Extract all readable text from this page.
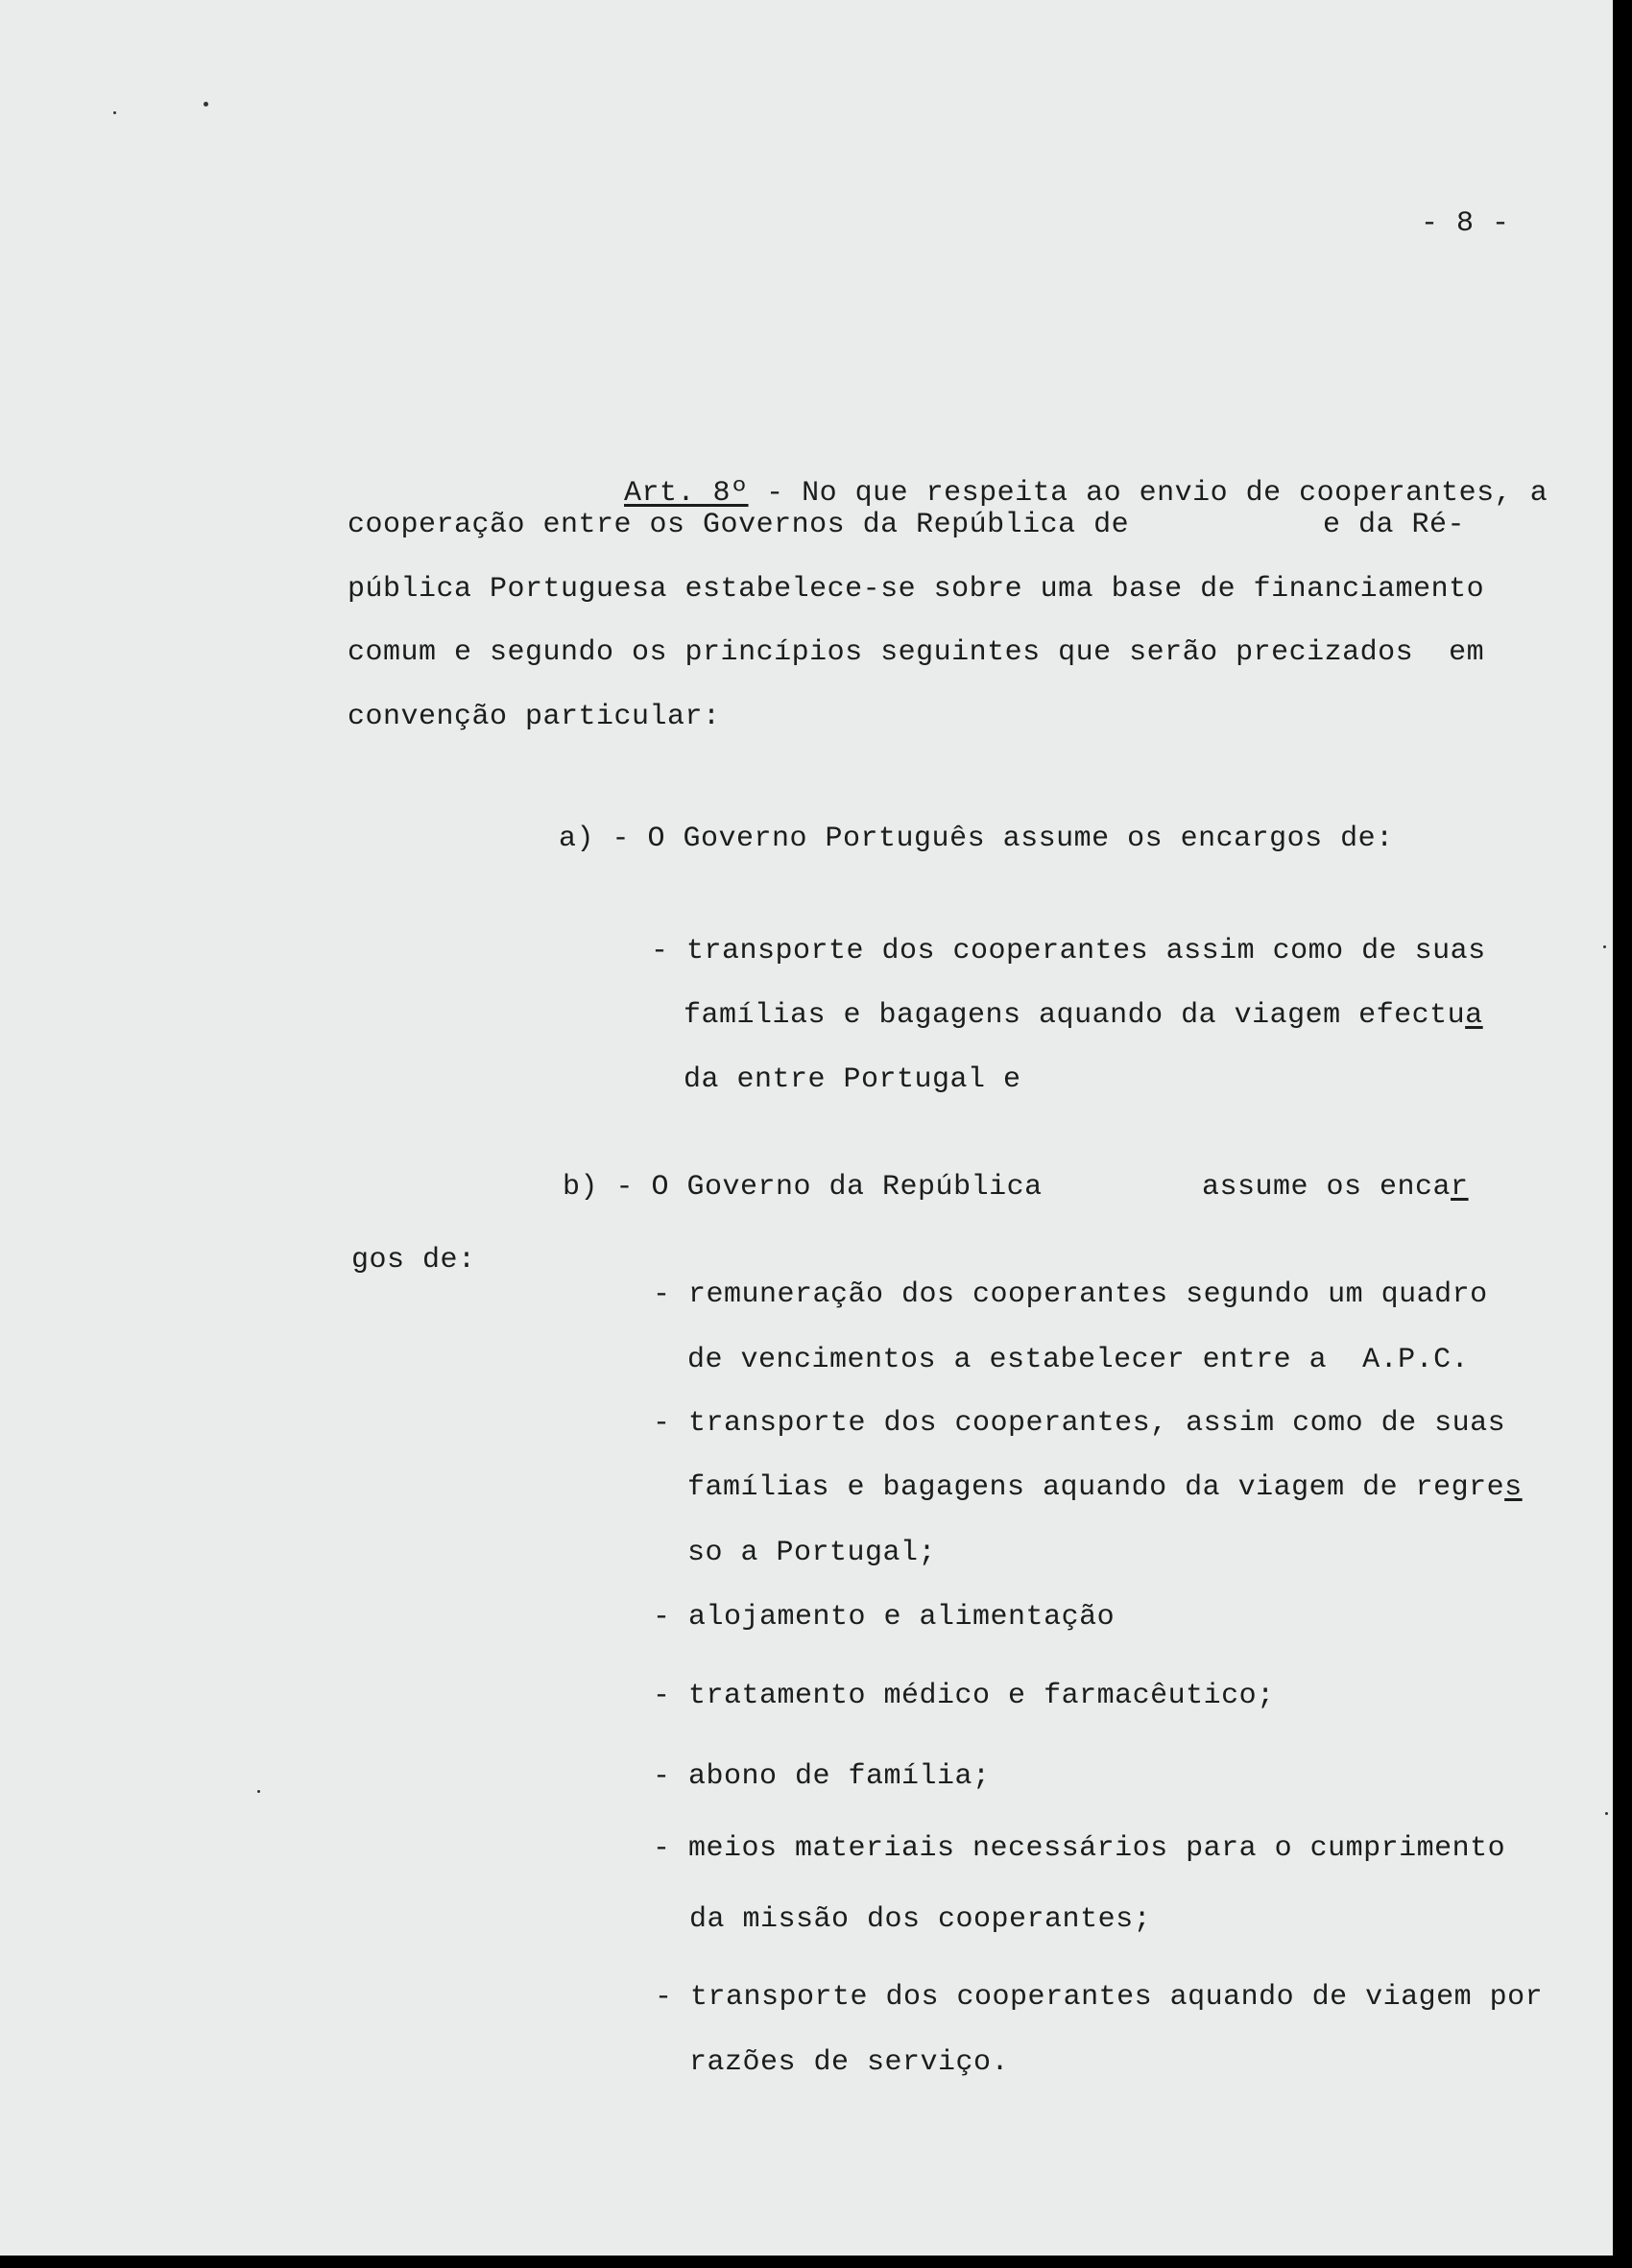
- 8 -

Art. 8º - No que respeita ao envio de cooperantes, a

cooperação entre os Governos da República de	e da Ré-
pública Portuguesa estabelece-se sobre uma base de financiamento
comum e segundo os princípios seguintes que serão precizados  em
convenção particular:
a) - O Governo Português assume os encargos de:
- transporte dos cooperantes assim como de suas
famílias e bagagens aquando da viagem efectua
da entre Portugal e
b) - O Governo da República	assume os encar
gos de:
- remuneração dos cooperantes segundo um quadro
de vencimentos a estabelecer entre a  A.P.C.
- transporte dos cooperantes, assim como de suas
famílias e bagagens aquando da viagem de regres
so a Portugal;
- alojamento e alimentação
- tratamento médico e farmacêutico;
- abono de família;
- meios materiais necessários para o cumprimento
da missão dos cooperantes;
- transporte dos cooperantes aquando de viagem por
razões de serviço.
